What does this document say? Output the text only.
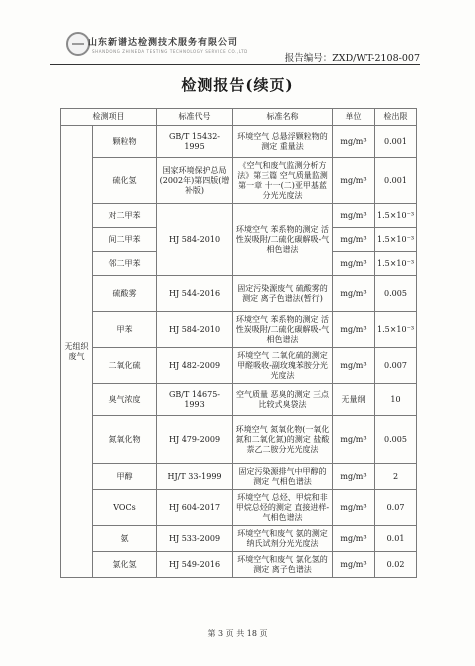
山东新谱达检测技术服务有限公司
SHANDONG ZHINEDA TESTING TECHNOLOGY SERVICE CO.,LTD
报告编号：ZXD/WT-2108-007
检测报告(续页)
检测项目		标准代号	标准名称	单位	检出限
无组织废气	颗粒物	GB/T 15432-1995	环境空气 总悬浮颗粒物的测定 重量法	mg/m³	0.001
	硫化氢	国家环境保护总局(2002年)第四版(增补版)	《空气和废气监测分析方法》第三篇 空气质量监测 第一章 十一(二)亚甲基蓝分光光度法	mg/m³	0.001
	对二甲苯	HJ 584-2010	环境空气 苯系物的测定 活性炭吸附/二硫化碳解吸-气相色谱法	mg/m³	1.5×10⁻³
	间二甲苯			mg/m³	1.5×10⁻³
	邻二甲苯			mg/m³	1.5×10⁻³
	硫酸雾	HJ 544-2016	固定污染源废气 硫酸雾的测定 离子色谱法(暂行)	mg/m³	0.005
	甲苯	HJ 584-2010	环境空气 苯系物的测定 活性炭吸附/二硫化碳解吸-气相色谱法	mg/m³	1.5×10⁻³
	二氧化硫	HJ 482-2009	环境空气 二氧化硫的测定 甲醛吸收-副玫瑰苯胺分光光度法	mg/m³	0.007
	臭气浓度	GB/T 14675-1993	空气质量 恶臭的测定 三点比较式臭袋法	无量纲	10
	氮氧化物	HJ 479-2009	环境空气 氮氧化物(一氧化氮和二氧化氮)的测定 盐酸萘乙二胺分光光度法	mg/m³	0.005
	甲醇	HJ/T 33-1999	固定污染源排气中甲醇的测定 气相色谱法	mg/m³	2
	VOCs	HJ 604-2017	环境空气 总烃、甲烷和非甲烷总烃的测定 直接进样-气相色谱法	mg/m³	0.07
	氨	HJ 533-2009	环境空气和废气 氨的测定 纳氏试剂分光光度法	mg/m³	0.01
	氯化氢	HJ 549-2016	环境空气和废气 氯化氢的测定 离子色谱法	mg/m³	0.02
第 3 页 共 18 页
